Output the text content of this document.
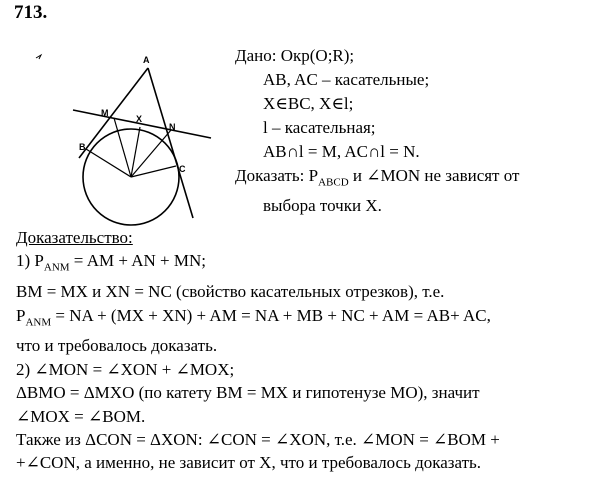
713.
A
M
X
N
B
C
Дано: Окр(O;R);
AB, AC – касательные;
X∈BC, X∈l;
l – касательная;
AB∩l = M, AC∩l = N.
Доказать: $P_{ABCD}$ и ∠MON не зависят от
выбора точки X.
Доказательство:
1) $P_{ANM}$ = AM + AN + MN;
BM = MX и XN = NC (свойство касательных отрезков), т.е.
$P_{ANM}$ = NA + (MX + XN) + AM = NA + MB + NC + AM = AB+ AC,
что и требовалось доказать.
2) ∠MON = ∠XON + ∠MOX;
ΔBMO = ΔMXO (по катету BM = MX и гипотенузе MO), значит
∠MOX = ∠BOM.
Также из ΔCON = ΔXON: ∠CON = ∠XON, т.е. ∠MON = ∠BOM +
+∠CON, а именно, не зависит от X, что и требовалось доказать.
